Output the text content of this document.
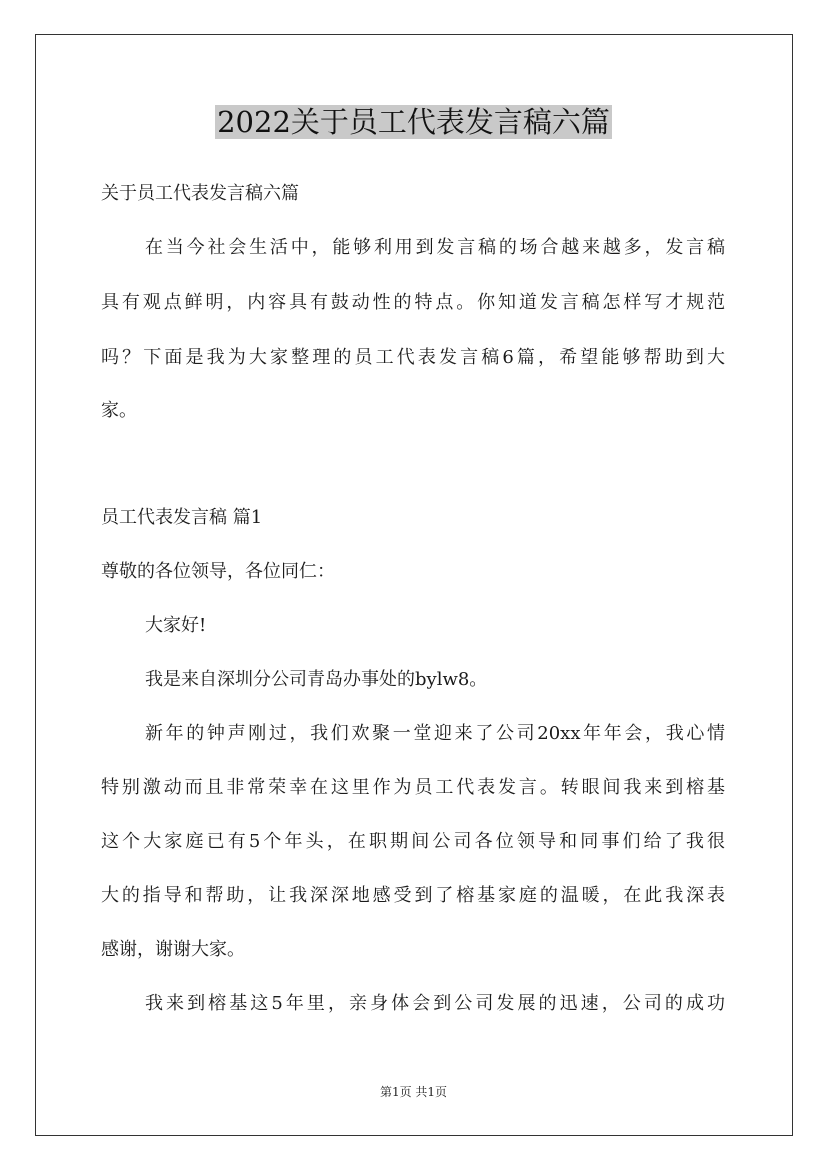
2022关于员工代表发言稿六篇

关于员工代表发言稿六篇

在当今社会生活中，能够利用到发言稿的场合越来越多，发言稿

具有观点鲜明，内容具有鼓动性的特点。你知道发言稿怎样写才规范

吗？下面是我为大家整理的员工代表发言稿6篇，希望能够帮助到大

家。

员工代表发言稿 篇1

尊敬的各位领导，各位同仁：

大家好!

我是来自深圳分公司青岛办事处的bylw8。

新年的钟声刚过，我们欢聚一堂迎来了公司20xx年年会，我心情

特别激动而且非常荣幸在这里作为员工代表发言。转眼间我来到榕基

这个大家庭已有5个年头，在职期间公司各位领导和同事们给了我很

大的指导和帮助，让我深深地感受到了榕基家庭的温暖，在此我深表

感谢，谢谢大家。

我来到榕基这5年里，亲身体会到公司发展的迅速，公司的成功

第1页 共1页
